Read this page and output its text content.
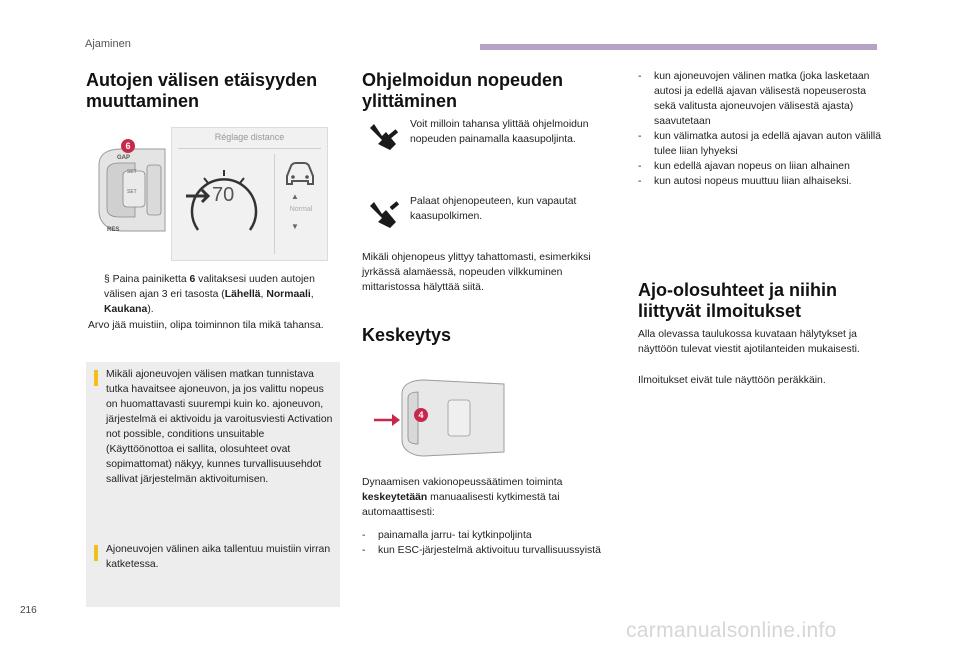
Ajaminen
Autojen välisen etäisyyden
muuttaminen
GAP
SET
SET
RES
6
Réglage distance
70	▲
Normal
▼
§ Paina painiketta 6 valitaksesi uuden autojen välisen ajan 3 eri tasosta (Lähellä, Normaali, Kaukana).
Arvo jää muistiin, olipa toiminnon tila mikä tahansa.
Mikäli ajoneuvojen välisen matkan tunnistava tutka havaitsee ajoneuvon, ja jos valittu nopeus on huomattavasti suurempi kuin ko. ajoneuvon, järjestelmä ei aktivoidu ja varoitusviesti Activation not possible, conditions unsuitable (Käyttöönottoa ei sallita, olosuhteet ovat sopimattomat) näkyy, kunnes turvallisuusehdot sallivat järjestelmän aktivoitumisen.
Ajoneuvojen välinen aika tallentuu muistiin virran katketessa.
Ohjelmoidun nopeuden
ylittäminen
Voit milloin tahansa ylittää ohjelmoidun nopeuden painamalla kaasupoljinta.
Palaat ohjenopeuteen, kun vapautat kaasupolkimen.
Mikäli ohjenopeus ylittyy tahattomasti, esimerkiksi jyrkässä alamäessä, nopeuden vilkkuminen mittaristossa hälyttää siitä.
Keskeytys
4
Dynaamisen vakionopeussäätimen toiminta keskeytetään manuaalisesti kytkimestä tai automaattisesti:
- painamalla jarru- tai kytkinpoljinta
- kun ESC-järjestelmä aktivoituu turvallisuussyistä
- kun ajoneuvojen välinen matka (joka lasketaan autosi ja edellä ajavan välisestä nopeuserosta sekä valitusta ajoneuvojen välisestä ajasta) saavutetaan
- kun välimatka autosi ja edellä ajavan auton välillä tulee liian lyhyeksi
- kun edellä ajavan nopeus on liian alhainen
- kun autosi nopeus muuttuu liian alhaiseksi.
Ajo-olosuhteet ja niihin
liittyvät ilmoitukset
Alla olevassa taulukossa kuvataan hälytykset ja näyttöön tulevat viestit ajotilanteiden mukaisesti.
Ilmoitukset eivät tule näyttöön peräkkäin.
216
carmanualsonline.info
